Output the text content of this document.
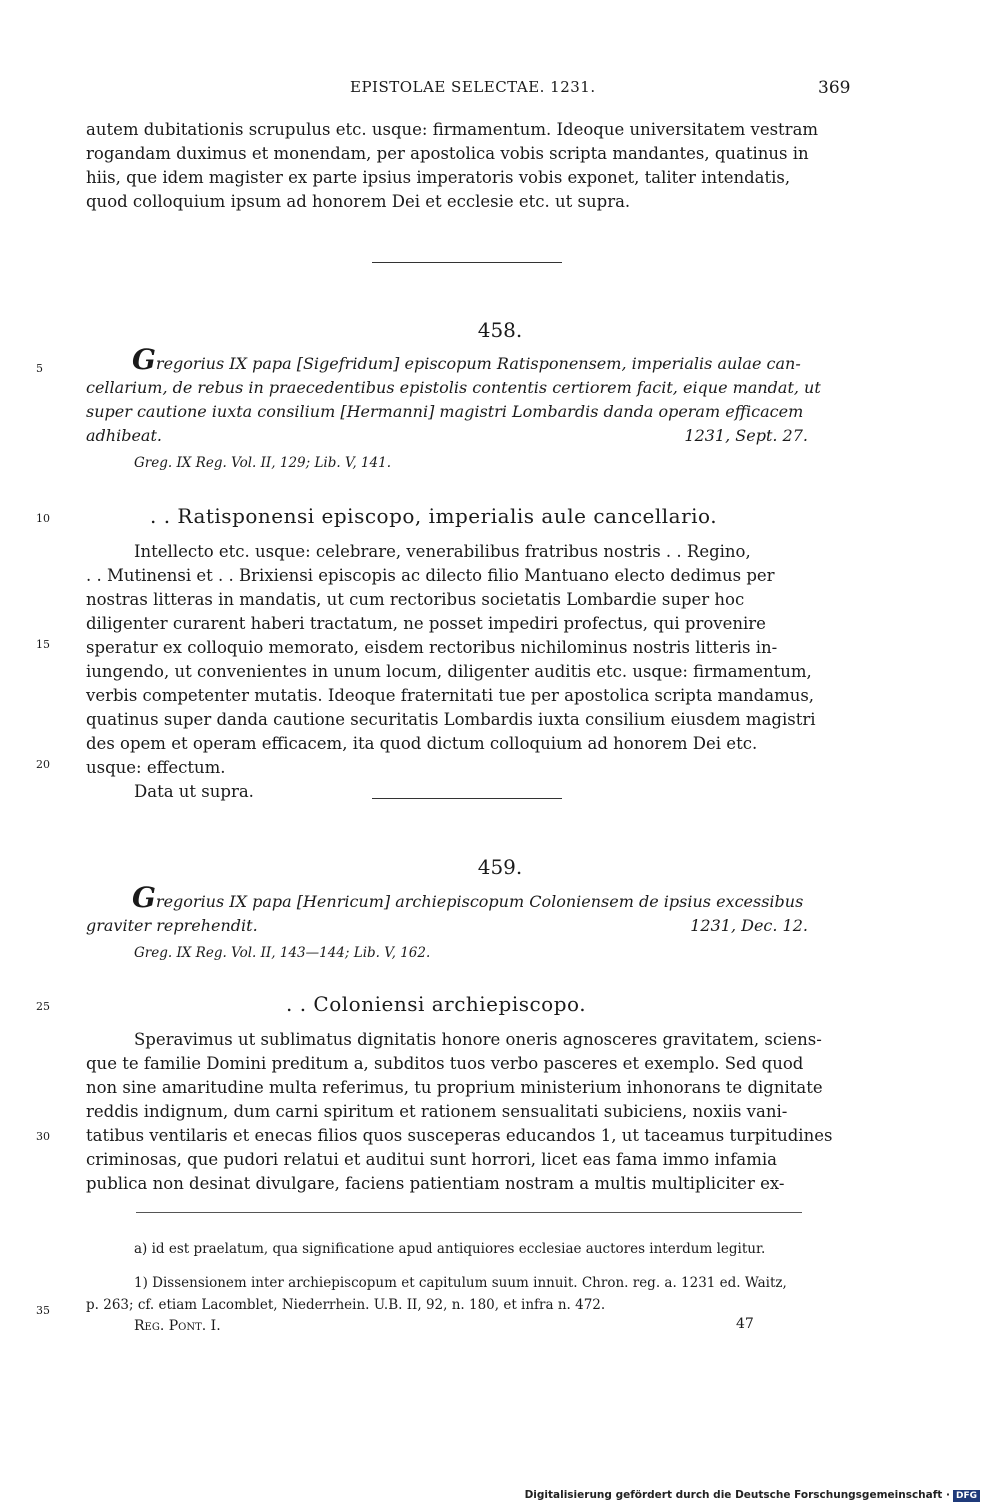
EPISTOLAE SELECTAE. 1231.	369

autem dubitationis scrupulus etc. usque: firmamentum. Ideoque universitatem vestram

rogandam duximus et monendam, per apostolica vobis scripta mandantes, quatinus in

hiis, que idem magister ex parte ipsius imperatoris vobis exponet, taliter intendatis,

quod colloquium ipsum ad honorem Dei et ecclesie etc. ut supra.

458.
Gregorius IX papa [Sigefridum] episcopum Ratisponensem, imperialis aulae can-
cellarium, de rebus in praecedentibus epistolis contentis certiorem facit, eique mandat, ut
super cautione iuxta consilium [Hermanni] magistri Lombardis danda operam efficacem
adhibeat.	1231, Sept. 27.
Greg. IX Reg. Vol. II, 129; Lib. V, 141.
. . Ratisponensi episcopo, imperialis aule cancellario.

Intellecto etc. usque: celebrare, venerabilibus fratribus nostris . . Regino,

. . Mutinensi et . . Brixiensi episcopis ac dilecto filio Mantuano electo dedimus per

nostras litteras in mandatis, ut cum rectoribus societatis Lombardie super hoc

diligenter curarent haberi tractatum, ne posset impediri profectus, qui provenire

speratur ex colloquio memorato, eisdem rectoribus nichilominus nostris litteris in-

iungendo, ut convenientes in unum locum, diligenter auditis etc. usque: firmamentum,

verbis competenter mutatis. Ideoque fraternitati tue per apostolica scripta mandamus,

quatinus super danda cautione securitatis Lombardis iuxta consilium eiusdem magistri

des opem et operam efficacem, ita quod dictum colloquium ad honorem Dei etc.

usque: effectum.

Data ut supra.
459.
Gregorius IX papa [Henricum] archiepiscopum Coloniensem de ipsius excessibus
graviter reprehendit.	1231, Dec. 12.
Greg. IX Reg. Vol. II, 143—144; Lib. V, 162.
. . Coloniensi archiepiscopo.

Speravimus ut sublimatus dignitatis honore oneris agnosceres gravitatem, sciens-

que te familie Domini preditum a, subditos tuos verbo pasceres et exemplo. Sed quod

non sine amaritudine multa referimus, tu proprium ministerium inhonorans te dignitate

reddis indignum, dum carni spiritum et rationem sensualitati subiciens, noxiis vani-

tatibus ventilaris et enecas filios quos susceperas educandos 1, ut taceamus turpitudines

criminosas, que pudori relatui et auditui sunt horrori, licet eas fama immo infamia

publica non desinat divulgare, faciens patientiam nostram a multis multipliciter ex-

a) id est praelatum, qua significatione apud antiquiores ecclesiae auctores interdum legitur.
1) Dissensionem inter archiepiscopum et capitulum suum innuit. Chron. reg. a. 1231 ed. Waitz,
p. 263; cf. etiam Lacomblet, Niederrhein. U.B. II, 92, n. 180, et infra n. 472.
Reg. Pont. I.	47
5
10
15
20
25
30
35
Digitalisierung gefördert durch die Deutsche Forschungsgemeinschaft · DFG
